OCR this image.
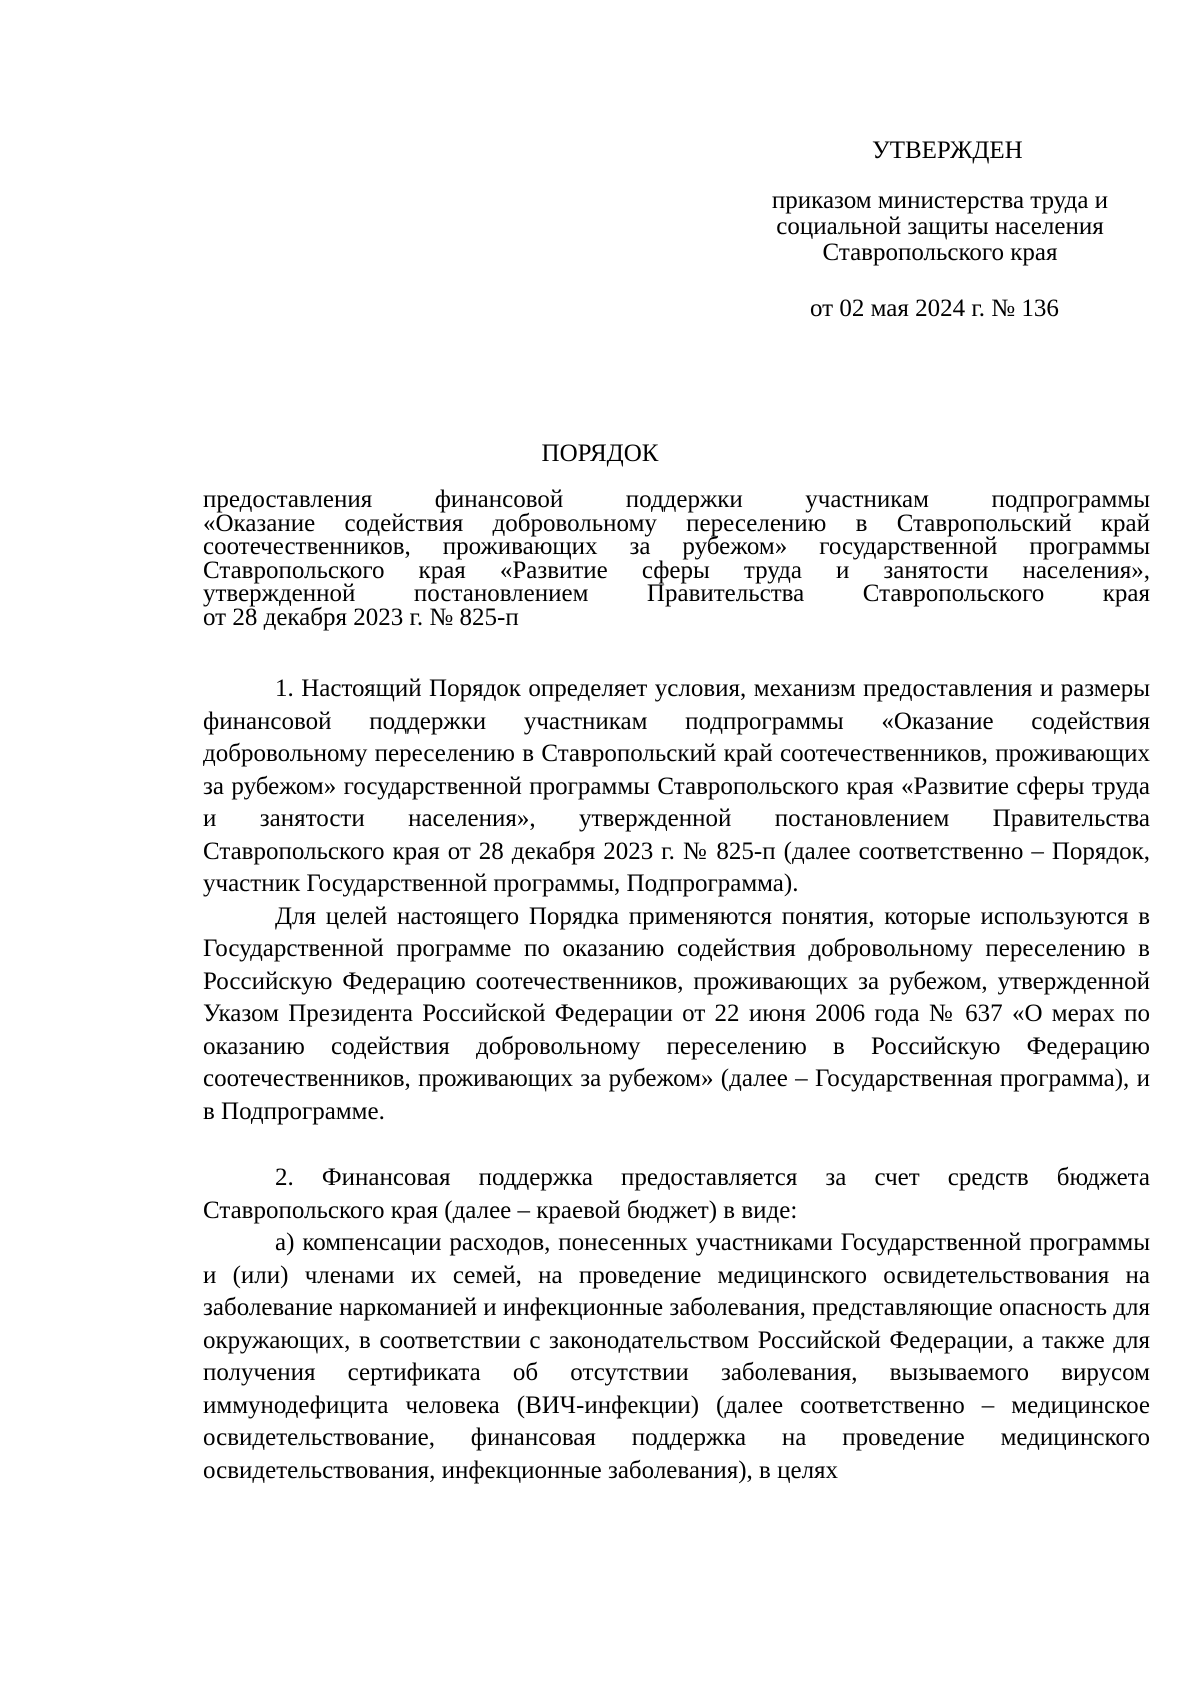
УТВЕРЖДЕН
приказом министерства труда и
социальной защиты населения
Ставропольского края
от 02 мая 2024 г. № 136
ПОРЯДОК
предоставления финансовой поддержки участникам подпрограммы
«Оказание содействия добровольному переселению в Ставропольский край
соотечественников, проживающих за рубежом» государственной программы
Ставропольского края «Развитие сферы труда и занятости населения»,
утвержденной постановлением Правительства Ставропольского края
от 28 декабря 2023 г. № 825-п

1. Настоящий Порядок определяет условия, механизм предоставления и размеры финансовой поддержки участникам подпрограммы «Оказание содействия добровольному переселению в Ставропольский край соотечественников, проживающих за рубежом» государственной программы Ставропольского края «Развитие сферы труда и занятости населения», утвержденной постановлением Правительства Ставропольского края от 28 декабря 2023 г. № 825-п (далее соответственно – Порядок, участник Государственной программы, Подпрограмма).

Для целей настоящего Порядка применяются понятия, которые используются в Государственной программе по оказанию содействия добровольному переселению в Российскую Федерацию соотечественников, проживающих за рубежом, утвержденной Указом Президента Российской Федерации от 22 июня 2006 года № 637 «О мерах по оказанию содействия добровольному переселению в Российскую Федерацию соотечественников, проживающих за рубежом» (далее – Государственная программа), и в Подпрограмме.

2. Финансовая поддержка предоставляется за счет средств бюджета Ставропольского края (далее – краевой бюджет) в виде:

а) компенсации расходов, понесенных участниками Государственной программы и (или) членами их семей, на проведение медицинского освидетельствования на заболевание наркоманией и инфекционные заболевания, представляющие опасность для окружающих, в соответствии с законодательством Российской Федерации, а также для получения сертификата об отсутствии заболевания, вызываемого вирусом иммунодефицита человека (ВИЧ-инфекции) (далее соответственно – медицинское освидетельствование, финансовая поддержка на проведение медицинского освидетельствования, инфекционные заболевания), в целях
